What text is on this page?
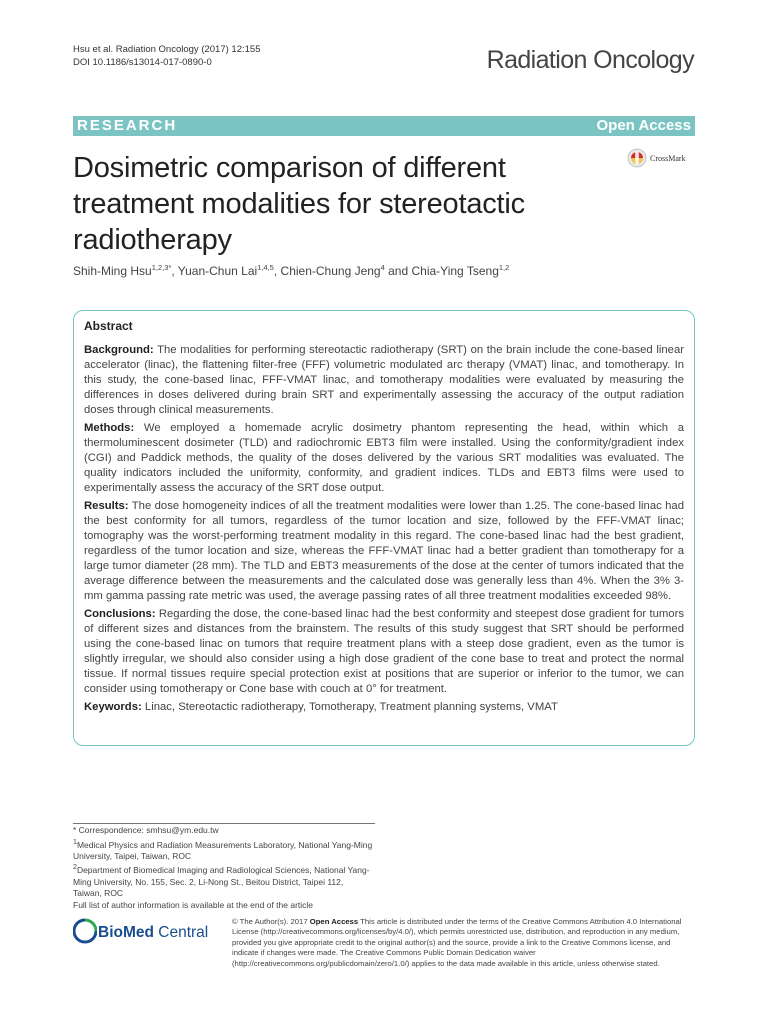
Hsu et al. Radiation Oncology (2017) 12:155
DOI 10.1186/s13014-017-0890-0	Radiation Oncology
RESEARCH	Open Access
Dosimetric comparison of different treatment modalities for stereotactic radiotherapy
CrossMark
Shih-Ming Hsu$^{1,2,3*}$, Yuan-Chun Lai$^{1,4,5}$, Chien-Chung Jeng$^4$ and Chia-Ying Tseng$^{1,2}$
Abstract

Background: The modalities for performing stereotactic radiotherapy (SRT) on the brain include the cone-based linear accelerator (linac), the flattening filter-free (FFF) volumetric modulated arc therapy (VMAT) linac, and tomotherapy. In this study, the cone-based linac, FFF-VMAT linac, and tomotherapy modalities were evaluated by measuring the differences in doses delivered during brain SRT and experimentally assessing the accuracy of the output radiation doses through clinical measurements.

Methods: We employed a homemade acrylic dosimetry phantom representing the head, within which a thermoluminescent dosimeter (TLD) and radiochromic EBT3 film were installed. Using the conformity/gradient index (CGI) and Paddick methods, the quality of the doses delivered by the various SRT modalities was evaluated. The quality indicators included the uniformity, conformity, and gradient indices. TLDs and EBT3 films were used to experimentally assess the accuracy of the SRT dose output.

Results: The dose homogeneity indices of all the treatment modalities were lower than 1.25. The cone-based linac had the best conformity for all tumors, regardless of the tumor location and size, followed by the FFF-VMAT linac; tomography was the worst-performing treatment modality in this regard. The cone-based linac had the best gradient, regardless of the tumor location and size, whereas the FFF-VMAT linac had a better gradient than tomotherapy for a large tumor diameter (28 mm). The TLD and EBT3 measurements of the dose at the center of tumors indicated that the average difference between the measurements and the calculated dose was generally less than 4%. When the 3% 3-mm gamma passing rate metric was used, the average passing rates of all three treatment modalities exceeded 98%.

Conclusions: Regarding the dose, the cone-based linac had the best conformity and steepest dose gradient for tumors of different sizes and distances from the brainstem. The results of this study suggest that SRT should be performed using the cone-based linac on tumors that require treatment plans with a steep dose gradient, even as the tumor is slightly irregular, we should also consider using a high dose gradient of the cone base to treat and protect the normal tissue. If normal tissues require special protection exist at positions that are superior or inferior to the tumor, we can consider using tomotherapy or Cone base with couch at 0° for treatment.

Keywords: Linac, Stereotactic radiotherapy, Tomotherapy, Treatment planning systems, VMAT

* Correspondence: smhsu@ym.edu.tw
$^1$Medical Physics and Radiation Measurements Laboratory, National Yang-Ming University, Taipei, Taiwan, ROC
$^2$Department of Biomedical Imaging and Radiological Sciences, National Yang-Ming University, No. 155, Sec. 2, Li-Nong St., Beitou District, Taipei 112, Taiwan, ROC
Full list of author information is available at the end of the article
BioMed Central
© The Author(s). 2017 Open Access This article is distributed under the terms of the Creative Commons Attribution 4.0 International License (http://creativecommons.org/licenses/by/4.0/), which permits unrestricted use, distribution, and reproduction in any medium, provided you give appropriate credit to the original author(s) and the source, provide a link to the Creative Commons license, and indicate if changes were made. The Creative Commons Public Domain Dedication waiver (http://creativecommons.org/publicdomain/zero/1.0/) applies to the data made available in this article, unless otherwise stated.
